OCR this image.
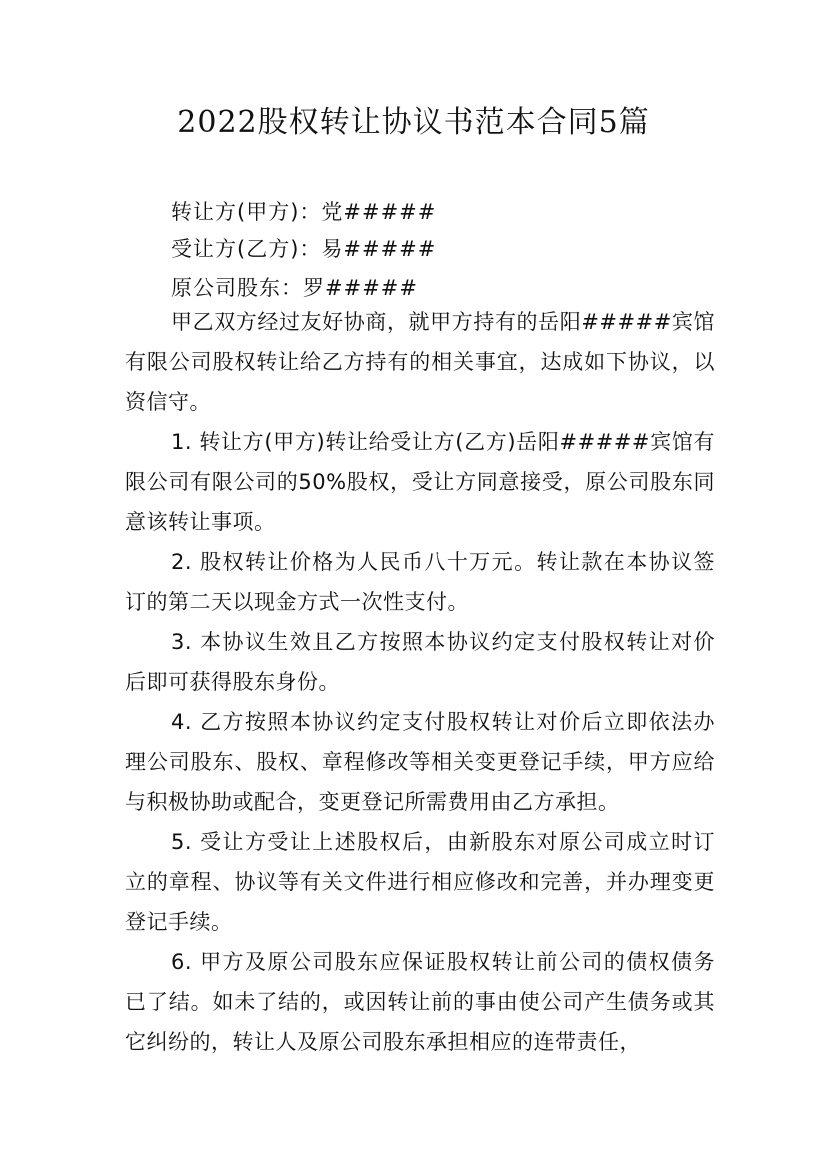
2022股权转让协议书范本合同5篇
转让方(甲方)：党#####
受让方(乙方)：易#####
原公司股东：罗#####

甲乙双方经过友好协商，就甲方持有的岳阳#####宾馆有限公司股权转让给乙方持有的相关事宜，达成如下协议，以资信守。

1. 转让方(甲方)转让给受让方(乙方)岳阳#####宾馆有限公司有限公司的50%股权，受让方同意接受，原公司股东同意该转让事项。

2. 股权转让价格为人民币八十万元。转让款在本协议签订的第二天以现金方式一次性支付。

3. 本协议生效且乙方按照本协议约定支付股权转让对价后即可获得股东身份。

4. 乙方按照本协议约定支付股权转让对价后立即依法办理公司股东、股权、章程修改等相关变更登记手续，甲方应给与积极协助或配合，变更登记所需费用由乙方承担。

5. 受让方受让上述股权后，由新股东对原公司成立时订立的章程、协议等有关文件进行相应修改和完善，并办理变更登记手续。

6. 甲方及原公司股东应保证股权转让前公司的债权债务已了结。如未了结的，或因转让前的事由使公司产生债务或其它纠纷的，转让人及原公司股东承担相应的连带责任，
